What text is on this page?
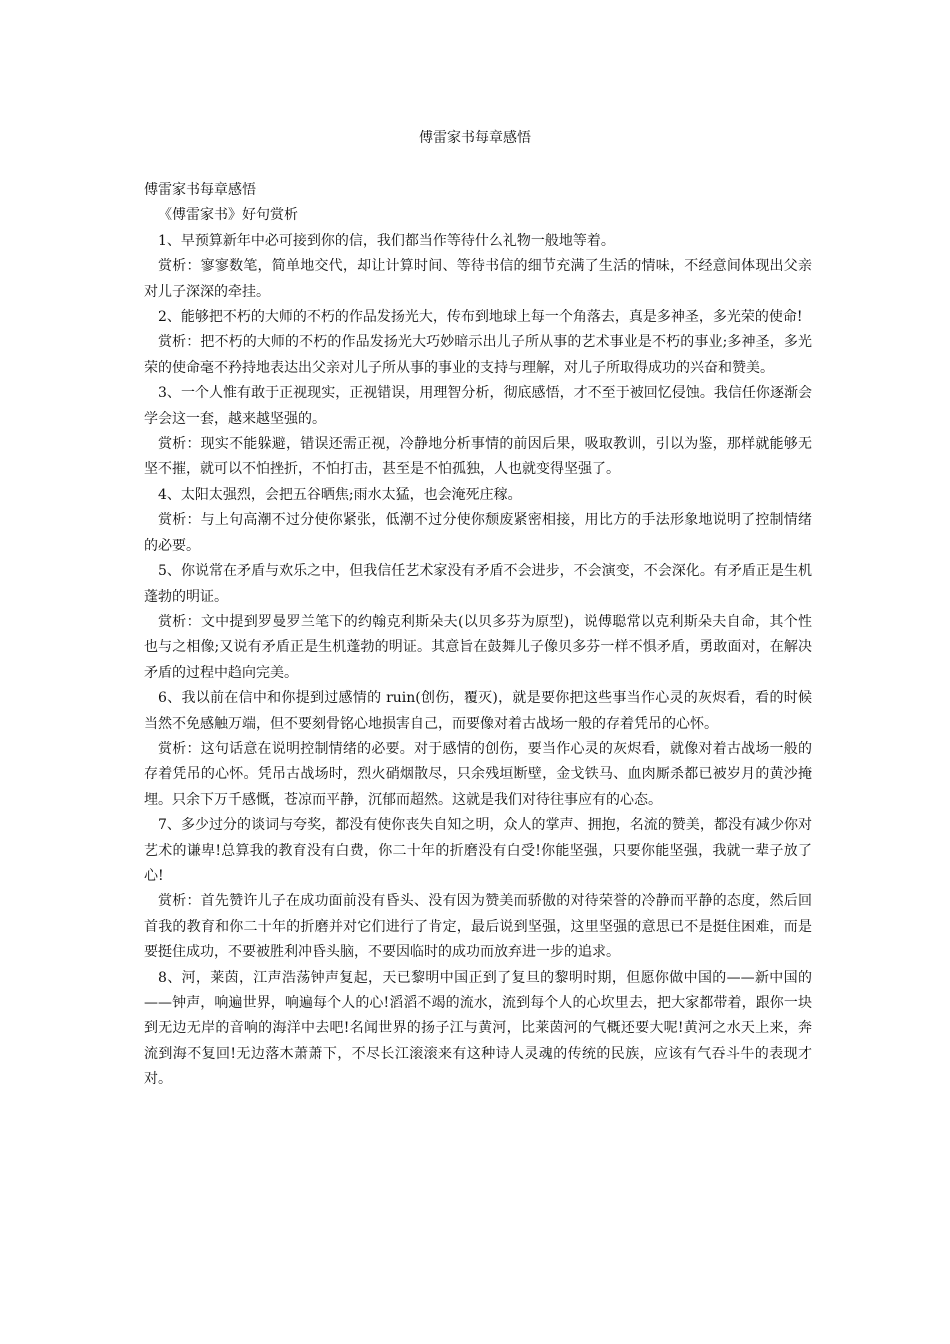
傅雷家书每章感悟

傅雷家书每章感悟

《傅雷家书》好句赏析

1、早预算新年中必可接到你的信，我们都当作等待什么礼物一般地等着。

赏析：寥寥数笔，简单地交代，却让计算时间、等待书信的细节充满了生活的情味，不经意间体现出父亲对儿子深深的牵挂。

2、能够把不朽的大师的不朽的作品发扬光大，传布到地球上每一个角落去，真是多神圣，多光荣的使命!

赏析：把不朽的大师的不朽的作品发扬光大巧妙暗示出儿子所从事的艺术事业是不朽的事业;多神圣，多光荣的使命毫不矜持地表达出父亲对儿子所从事的事业的支持与理解，对儿子所取得成功的兴奋和赞美。

3、一个人惟有敢于正视现实，正视错误，用理智分析，彻底感悟，才不至于被回忆侵蚀。我信任你逐渐会学会这一套，越来越坚强的。

赏析：现实不能躲避，错误还需正视，冷静地分析事情的前因后果，吸取教训，引以为鉴，那样就能够无坚不摧，就可以不怕挫折，不怕打击，甚至是不怕孤独，人也就变得坚强了。

4、太阳太强烈，会把五谷晒焦;雨水太猛，也会淹死庄稼。

赏析：与上句高潮不过分使你紧张，低潮不过分使你颓废紧密相接，用比方的手法形象地说明了控制情绪的必要。

5、你说常在矛盾与欢乐之中，但我信任艺术家没有矛盾不会进步，不会演变，不会深化。有矛盾正是生机蓬勃的明证。

赏析：文中提到罗曼罗兰笔下的约翰克利斯朵夫(以贝多芬为原型)，说傅聪常以克利斯朵夫自命，其个性也与之相像;又说有矛盾正是生机蓬勃的明证。其意旨在鼓舞儿子像贝多芬一样不惧矛盾，勇敢面对，在解决矛盾的过程中趋向完美。

6、我以前在信中和你提到过感情的 ruin(创伤，覆灭)，就是要你把这些事当作心灵的灰烬看，看的时候当然不免感触万端，但不要刻骨铭心地损害自己，而要像对着古战场一般的存着凭吊的心怀。

赏析：这句话意在说明控制情绪的必要。对于感情的创伤，要当作心灵的灰烬看，就像对着古战场一般的存着凭吊的心怀。凭吊古战场时，烈火硝烟散尽，只余残垣断壁，金戈铁马、血肉厮杀都已被岁月的黄沙掩埋。只余下万千感慨，苍凉而平静，沉郁而超然。这就是我们对待往事应有的心态。

7、多少过分的谈词与夸奖，都没有使你丧失自知之明，众人的掌声、拥抱，名流的赞美，都没有减少你对艺术的谦卑!总算我的教育没有白费，你二十年的折磨没有白受!你能坚强，只要你能坚强，我就一辈子放了心!

赏析：首先赞许儿子在成功面前没有昏头、没有因为赞美而骄傲的对待荣誉的冷静而平静的态度，然后回首我的教育和你二十年的折磨并对它们进行了肯定，最后说到坚强，这里坚强的意思已不是挺住困难，而是要挺住成功，不要被胜利冲昏头脑，不要因临时的成功而放弃进一步的追求。

8、河，莱茵，江声浩荡钟声复起，天已黎明中国正到了复旦的黎明时期，但愿你做中国的——新中国的——钟声，响遍世界，响遍每个人的心!滔滔不竭的流水，流到每个人的心坎里去，把大家都带着，跟你一块到无边无岸的音响的海洋中去吧!名闻世界的扬子江与黄河，比莱茵河的气概还要大呢!黄河之水天上来，奔流到海不复回!无边落木萧萧下，不尽长江滚滚来有这种诗人灵魂的传统的民族，应该有气吞斗牛的表现才对。
